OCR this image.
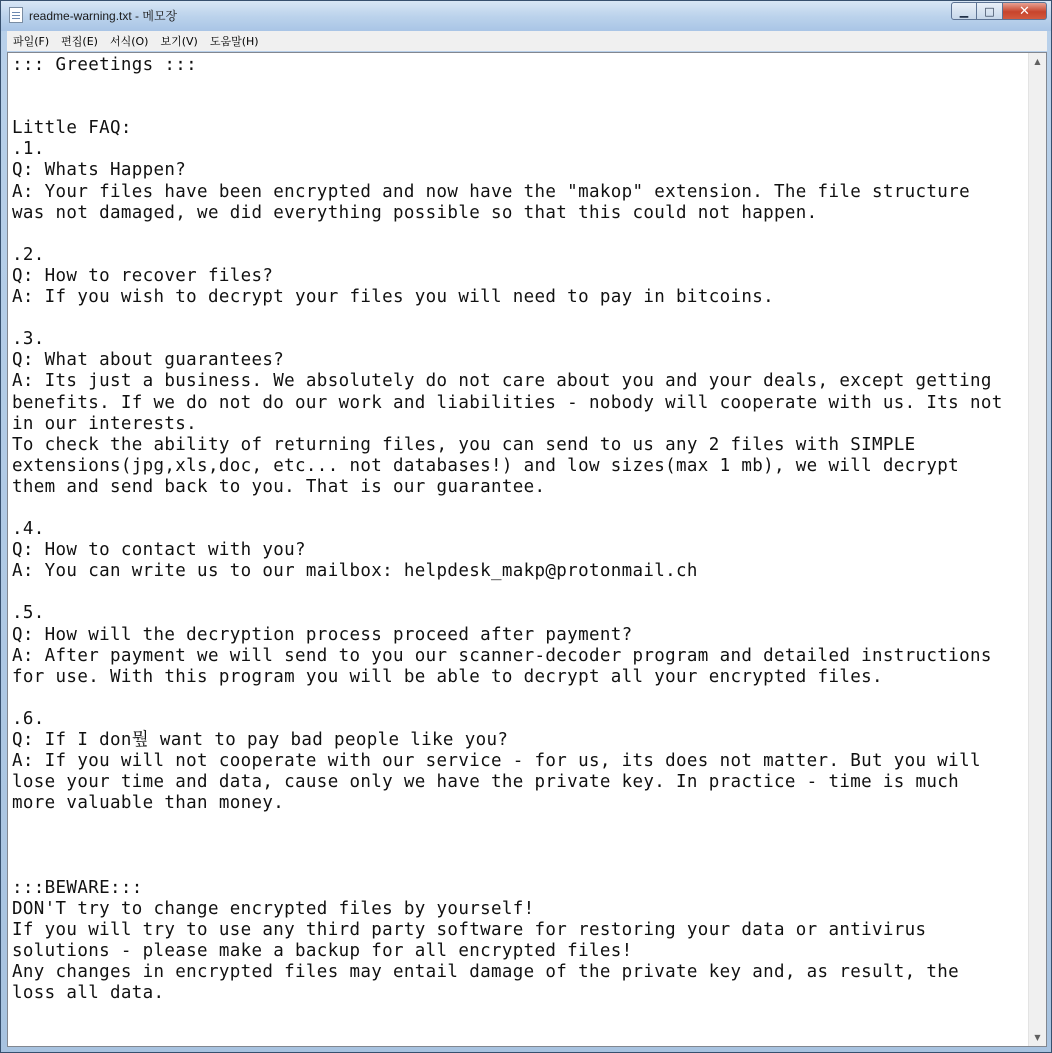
readme-warning.txt - 메모장	▁	□	✕
파일(F)	편집(E)	서식(O)	보기(V)	도움말(H)
::: Greetings :::

Little FAQ:
.1.
Q: Whats Happen?
A: Your files have been encrypted and now have the "makop" extension. The file structure
was not damaged, we did everything possible so that this could not happen.

.2.
Q: How to recover files?
A: If you wish to decrypt your files you will need to pay in bitcoins.

.3.
Q: What about guarantees?
A: Its just a business. We absolutely do not care about you and your deals, except getting
benefits. If we do not do our work and liabilities - nobody will cooperate with us. Its not
in our interests.
To check the ability of returning files, you can send to us any 2 files with SIMPLE
extensions(jpg,xls,doc, etc... not databases!) and low sizes(max 1 mb), we will decrypt
them and send back to you. That is our guarantee.

.4.
Q: How to contact with you?
A: You can write us to our mailbox: helpdesk_makp@protonmail.ch

.5.
Q: How will the decryption process proceed after payment?
A: After payment we will send to you our scanner-decoder program and detailed instructions
for use. With this program you will be able to decrypt all your encrypted files.

.6.
Q: If I don뭪 want to pay bad people like you?
A: If you will not cooperate with our service - for us, its does not matter. But you will
lose your time and data, cause only we have the private key. In practice - time is much
more valuable than money.

:::BEWARE:::
DON'T try to change encrypted files by yourself!
If you will try to use any third party software for restoring your data or antivirus
solutions - please make a backup for all encrypted files!
Any changes in encrypted files may entail damage of the private key and, as result, the
loss all data.
▲
▼
